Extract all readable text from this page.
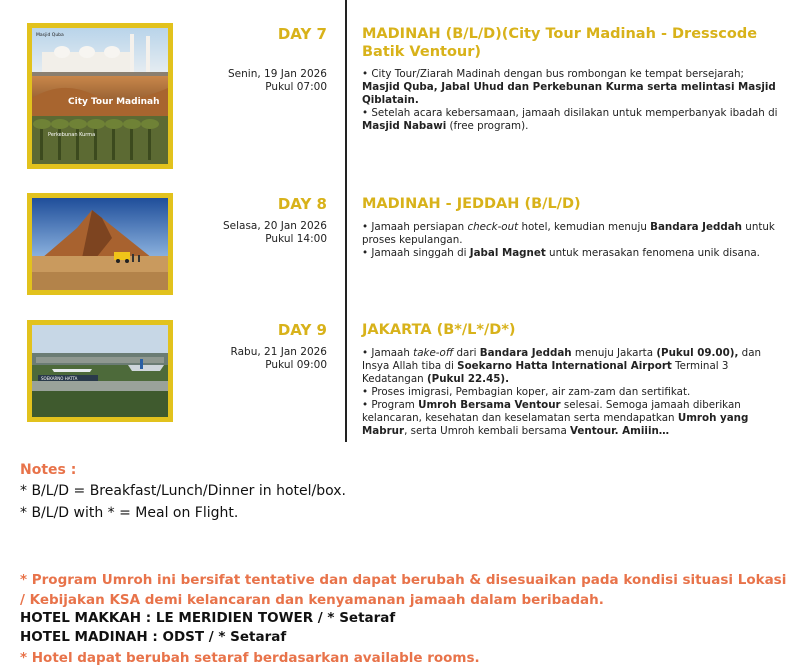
Masjid Quba
City Tour Madinah
Perkebunan Kurma
DAY 7
Senin, 19 Jan 2026
Pukul 07:00
MADINAH (B/L/D)(City Tour Madinah - Dresscode Batik Ventour)

• City Tour/Ziarah Madinah dengan bus rombongan ke tempat bersejarah; Masjid Quba, Jabal Uhud dan Perkebunan Kurma serta melintasi Masjid Qiblatain.

• Setelah acara kebersamaan, jamaah disilakan untuk memperbanyak ibadah di Masjid Nabawi (free program).

DAY 8
Selasa, 20 Jan 2026
Pukul 14:00
MADINAH - JEDDAH (B/L/D)

• Jamaah persiapan check-out hotel, kemudian menuju Bandara Jeddah untuk proses kepulangan.

• Jamaah singgah di Jabal Magnet untuk merasakan fenomena unik disana.

SOEKARNO HATTA
DAY 9
Rabu, 21 Jan 2026
Pukul 09:00
JAKARTA (B*/L*/D*)

• Jamaah take-off dari Bandara Jeddah menuju Jakarta (Pukul 09.00), dan Insya Allah tiba di Soekarno Hatta International Airport Terminal 3 Kedatangan (Pukul 22.45).

• Proses imigrasi, Pembagian koper, air zam-zam dan sertifikat.

• Program Umroh Bersama Ventour selesai. Semoga jamaah diberikan kelancaran, kesehatan dan keselamatan serta mendapatkan Umroh yang Mabrur, serta Umroh kembali bersama Ventour. Amiiin…

Notes :
* B/L/D = Breakfast/Lunch/Dinner in hotel/box.
* B/L/D with * = Meal on Flight.
* Program Umroh ini bersifat tentative dan dapat berubah & disesuaikan pada kondisi situasi Lokasi / Kebijakan KSA demi kelancaran dan kenyamanan jamaah dalam beribadah.
HOTEL MAKKAH : LE MERIDIEN TOWER / * Setaraf
HOTEL MADINAH : ODST / * Setaraf
* Hotel dapat berubah setaraf berdasarkan available rooms.
